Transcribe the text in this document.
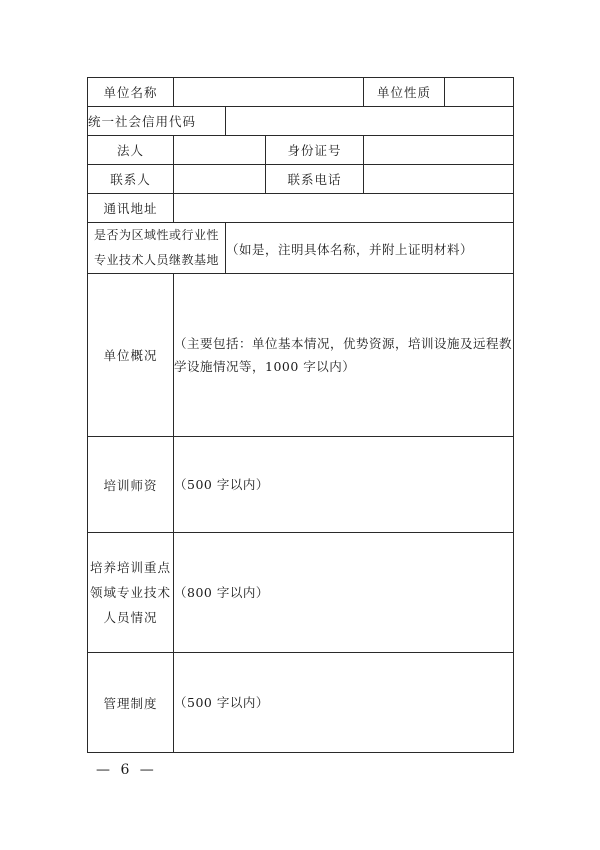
单位名称				单位性质	
统一社会信用代码					
法人			身份证号		
联系人			联系电话		
通讯地址					

是否为区域性或行业性
专业技术人员继教基地		（如是，注明具体名称，并附上证明材料）			
单位概况	（主要包括：单位基本情况，优势资源，培训设施及远程教学设施情况等，1000 字以内）				
培训师资	（500 字以内）				

培养培训重点
领域专业技术
人员情况	（800 字以内）				
管理制度	（500 字以内）				
— 6 —
